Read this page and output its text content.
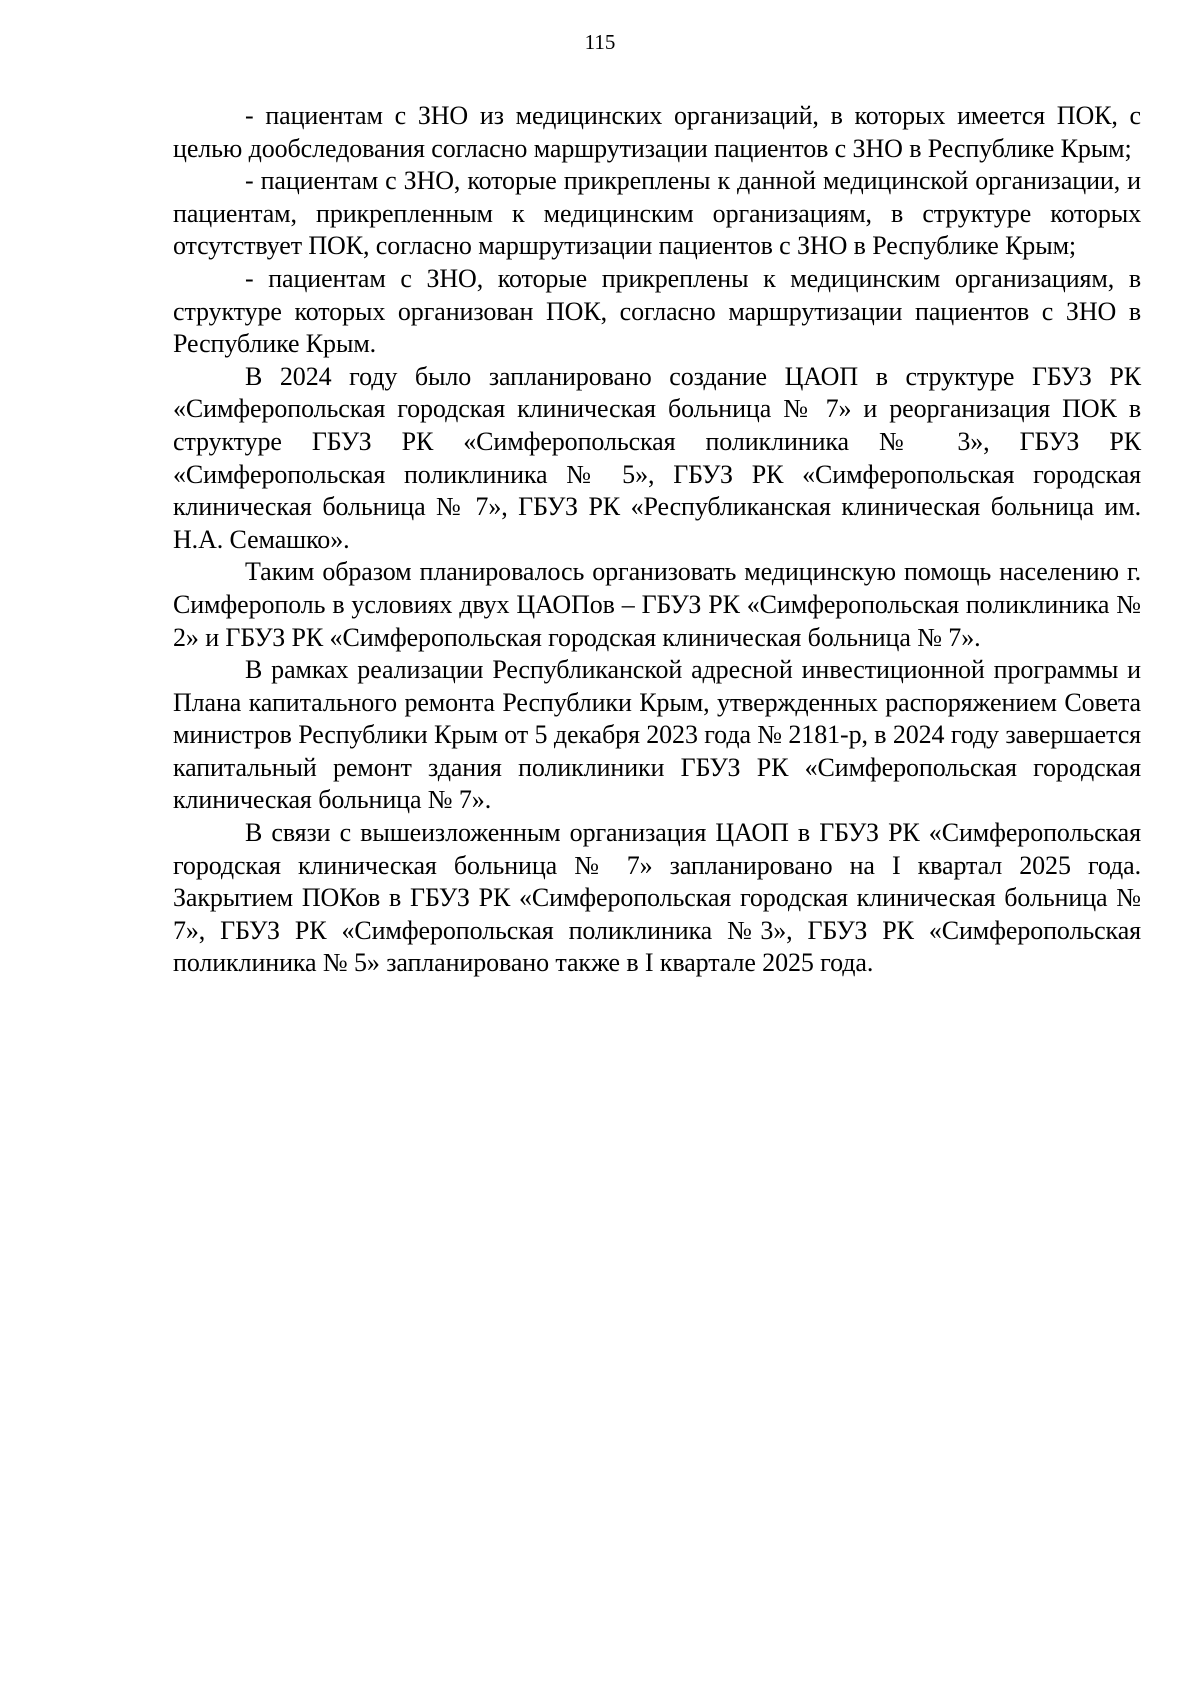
115

- пациентам с ЗНО из медицинских организаций, в которых имеется ПОК, с целью дообследования согласно маршрутизации пациентов с ЗНО в Республике Крым;

- пациентам с ЗНО, которые прикреплены к данной медицинской организации, и пациентам, прикрепленным к медицинским организациям, в структуре которых отсутствует ПОК, согласно маршрутизации пациентов с ЗНО в Республике Крым;

- пациентам с ЗНО, которые прикреплены к медицинским организациям, в структуре которых организован ПОК, согласно маршрутизации пациентов с ЗНО в Республике Крым.

В 2024 году было запланировано создание ЦАОП в структуре ГБУЗ РК «Симферопольская городская клиническая больница № 7» и реорганизация ПОК в структуре ГБУЗ РК «Симферопольская поликлиника № 3», ГБУЗ РК «Симферопольская поликлиника № 5», ГБУЗ РК «Симферопольская городская клиническая больница № 7», ГБУЗ РК «Республиканская клиническая больница им. Н.А. Семашко».

Таким образом планировалось организовать медицинскую помощь населению г. Симферополь в условиях двух ЦАОПов – ГБУЗ РК «Симферопольская поликлиника № 2» и ГБУЗ РК «Симферопольская городская клиническая больница № 7».

В рамках реализации Республиканской адресной инвестиционной программы и Плана капитального ремонта Республики Крым, утвержденных распоряжением Совета министров Республики Крым от 5 декабря 2023 года № 2181-р, в 2024 году завершается капитальный ремонт здания поликлиники ГБУЗ РК «Симферопольская городская клиническая больница № 7».

В связи с вышеизложенным организация ЦАОП в ГБУЗ РК «Симферопольская городская клиническая больница № 7» запланировано на I квартал 2025 года. Закрытием ПОКов в ГБУЗ РК «Симферопольская городская клиническая больница № 7», ГБУЗ РК «Симферопольская поликлиника №3», ГБУЗ РК «Симферопольская поликлиника № 5» запланировано также в I квартале 2025 года.
